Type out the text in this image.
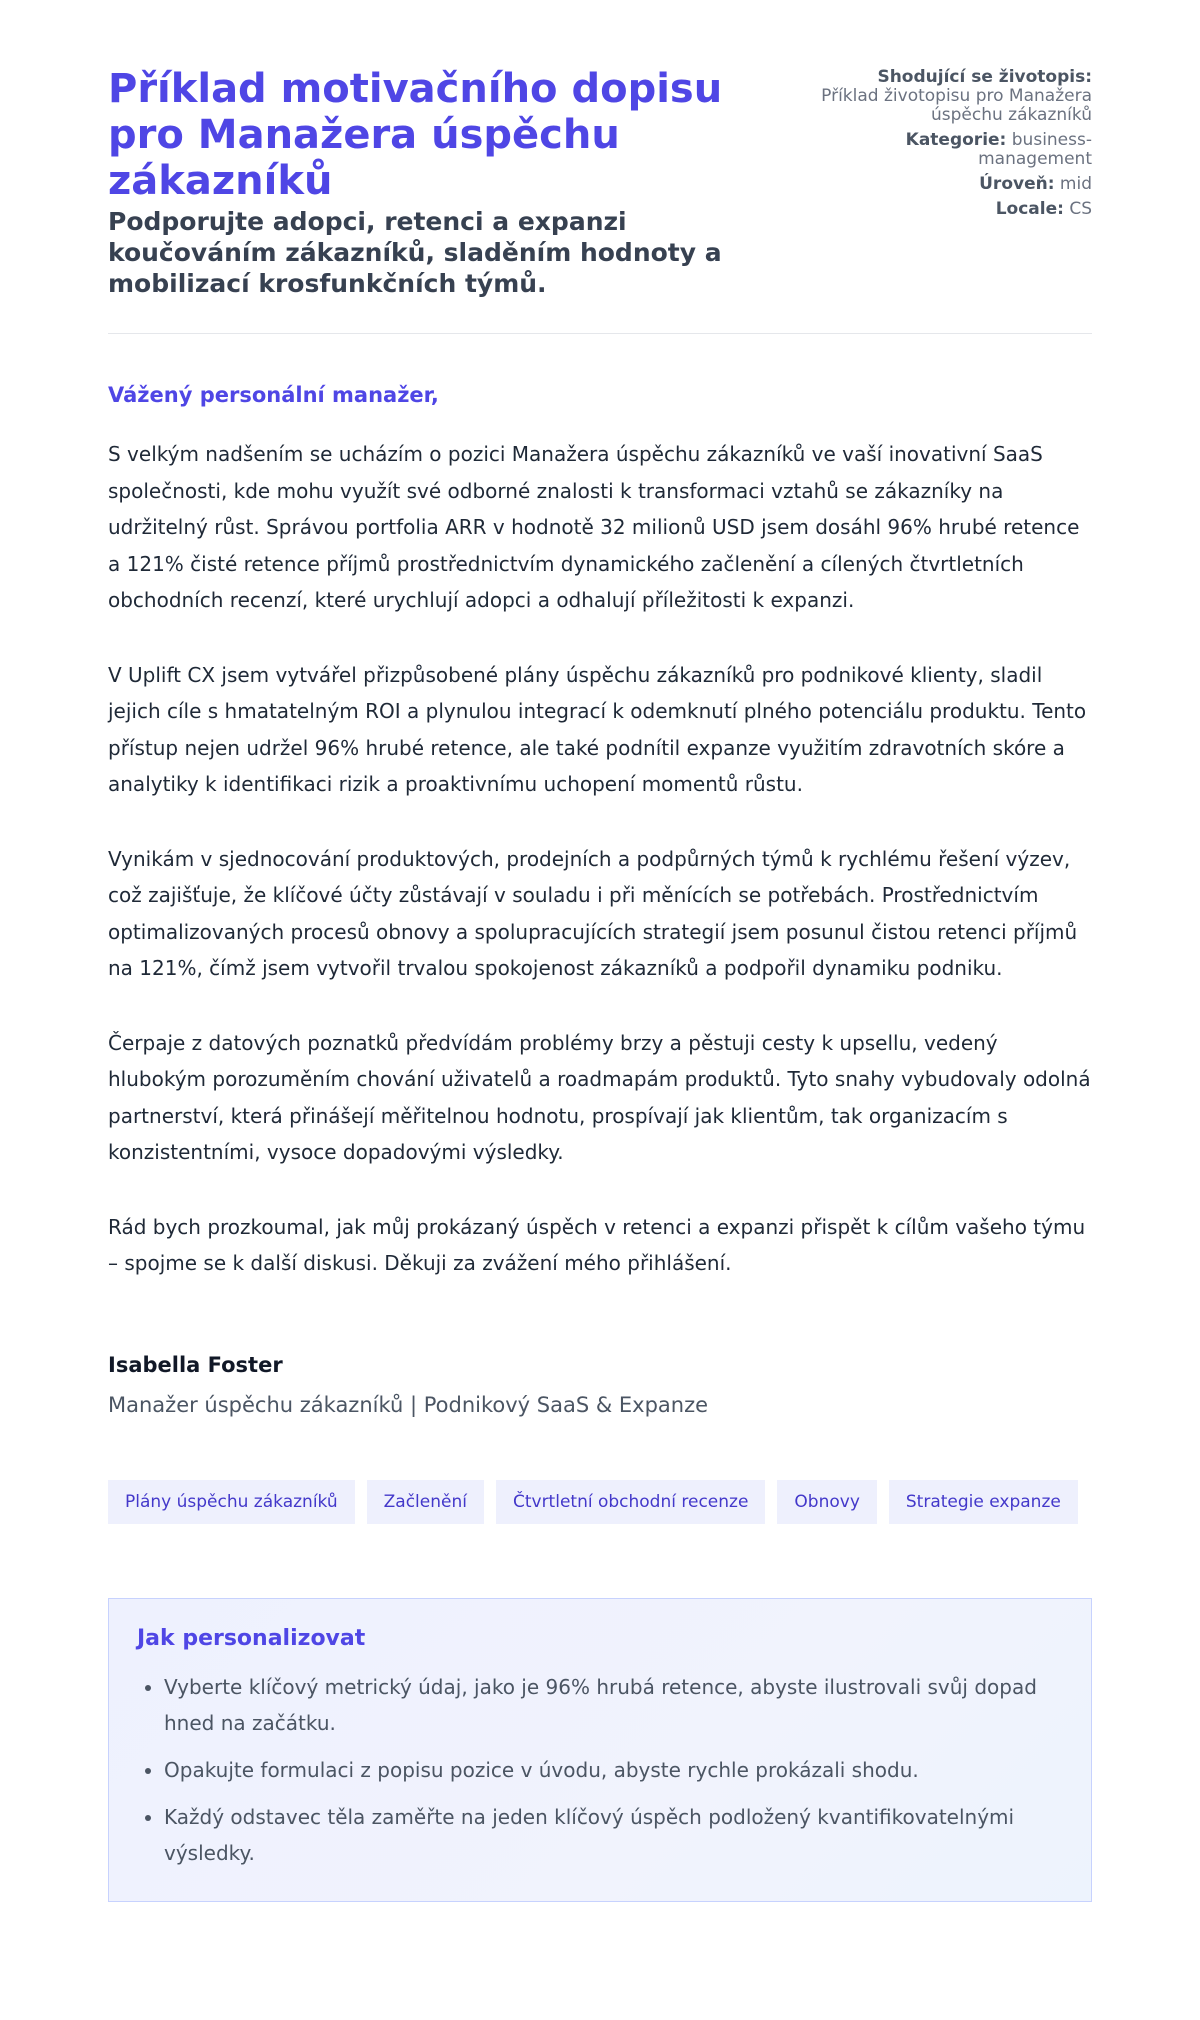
Příklad motivačního dopisu pro Manažera úspěchu zákazníků

Podporujte adopci, retenci a expanzi koučováním zákazníků, sladěním hodnoty a mobilizací krosfunkčních týmů.

Shodující se životopis:
Příklad životopisu pro Manažera úspěchu zákazníků
Kategorie: business-management
Úroveň: mid
Locale: CS

Vážený personální manažer,

S velkým nadšením se ucházím o pozici Manažera úspěchu zákazníků ve vaší inovativní SaaS společnosti, kde mohu využít své odborné znalosti k transformaci vztahů se zákazníky na udržitelný růst. Správou portfolia ARR v hodnotě 32 milionů USD jsem dosáhl 96% hrubé retence a 121% čisté retence příjmů prostřednictvím dynamického začlenění a cílených čtvrtletních obchodních recenzí, které urychlují adopci a odhalují příležitosti k expanzi.

V Uplift CX jsem vytvářel přizpůsobené plány úspěchu zákazníků pro podnikové klienty, sladil jejich cíle s hmatatelným ROI a plynulou integrací k odemknutí plného potenciálu produktu. Tento přístup nejen udržel 96% hrubé retence, ale také podnítil expanze využitím zdravotních skóre a analytiky k identifikaci rizik a proaktivnímu uchopení momentů růstu.

Vynikám v sjednocování produktových, prodejních a podpůrných týmů k rychlému řešení výzev, což zajišťuje, že klíčové účty zůstávají v souladu i při měnících se potřebách. Prostřednictvím optimalizovaných procesů obnovy a spolupracujících strategií jsem posunul čistou retenci příjmů na 121%, čímž jsem vytvořil trvalou spokojenost zákazníků a podpořil dynamiku podniku.

Čerpaje z datových poznatků předvídám problémy brzy a pěstuji cesty k upsellu, vedený hlubokým porozuměním chování uživatelů a roadmapám produktů. Tyto snahy vybudovaly odolná partnerství, která přinášejí měřitelnou hodnotu, prospívají jak klientům, tak organizacím s konzistentními, vysoce dopadovými výsledky.

Rád bych prozkoumal, jak můj prokázaný úspěch v retenci a expanzi přispět k cílům vašeho týmu – spojme se k další diskusi. Děkuji za zvážení mého přihlášení.

Isabella Foster

Manažer úspěchu zákazníků | Podnikový SaaS & Expanze

Plány úspěchu zákazníků	Začlenění	Čtvrtletní obchodní recenze	Obnovy	Strategie expanze
Jak personalizovat
• Vyberte klíčový metrický údaj, jako je 96% hrubá retence, abyste ilustrovali svůj dopad hned na začátku.
• Opakujte formulaci z popisu pozice v úvodu, abyste rychle prokázali shodu.
• Každý odstavec těla zaměřte na jeden klíčový úspěch podložený kvantifikovatelnými výsledky.
